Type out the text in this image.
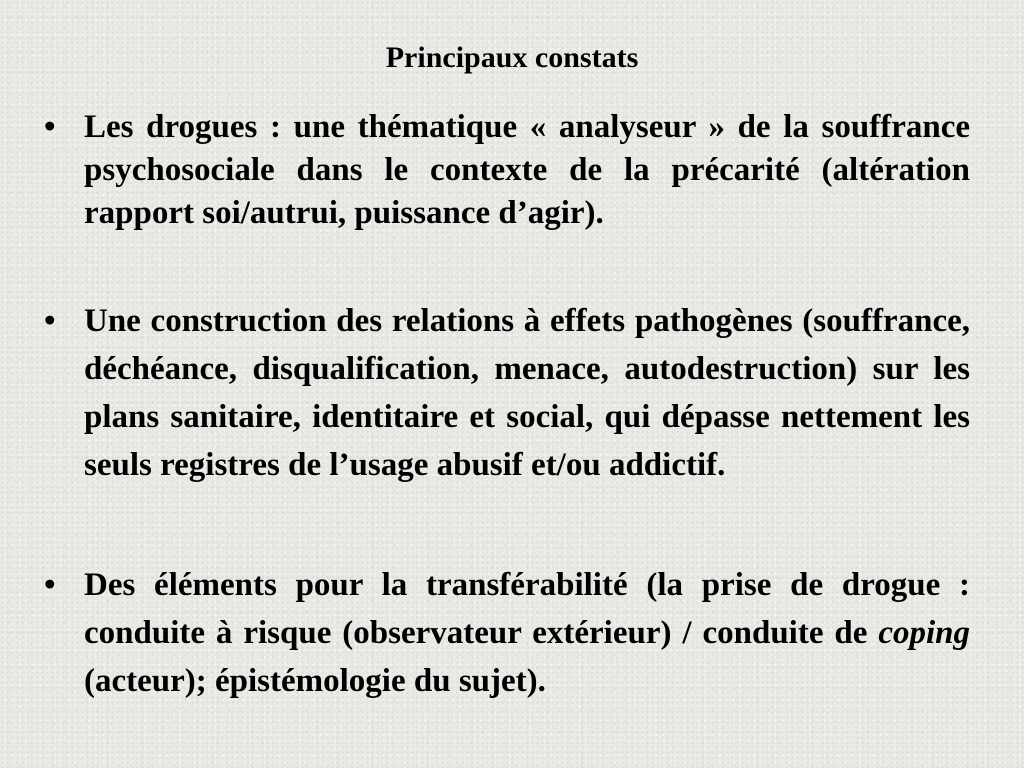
Principaux constats
• Les drogues : une thématique « analyseur » de la souffrance psychosociale dans le contexte de la précarité (altération rapport soi/autrui, puissance d’agir).
• Une construction des relations à effets pathogènes (souffrance, déchéance, disqualification, menace, autodestruction) sur les plans sanitaire, identitaire et social, qui dépasse nettement les seuls registres de l’usage abusif et/ou addictif.
• Des éléments pour la transférabilité (la prise de drogue : conduite à risque (observateur extérieur) / conduite de coping (acteur); épistémologie du sujet).
